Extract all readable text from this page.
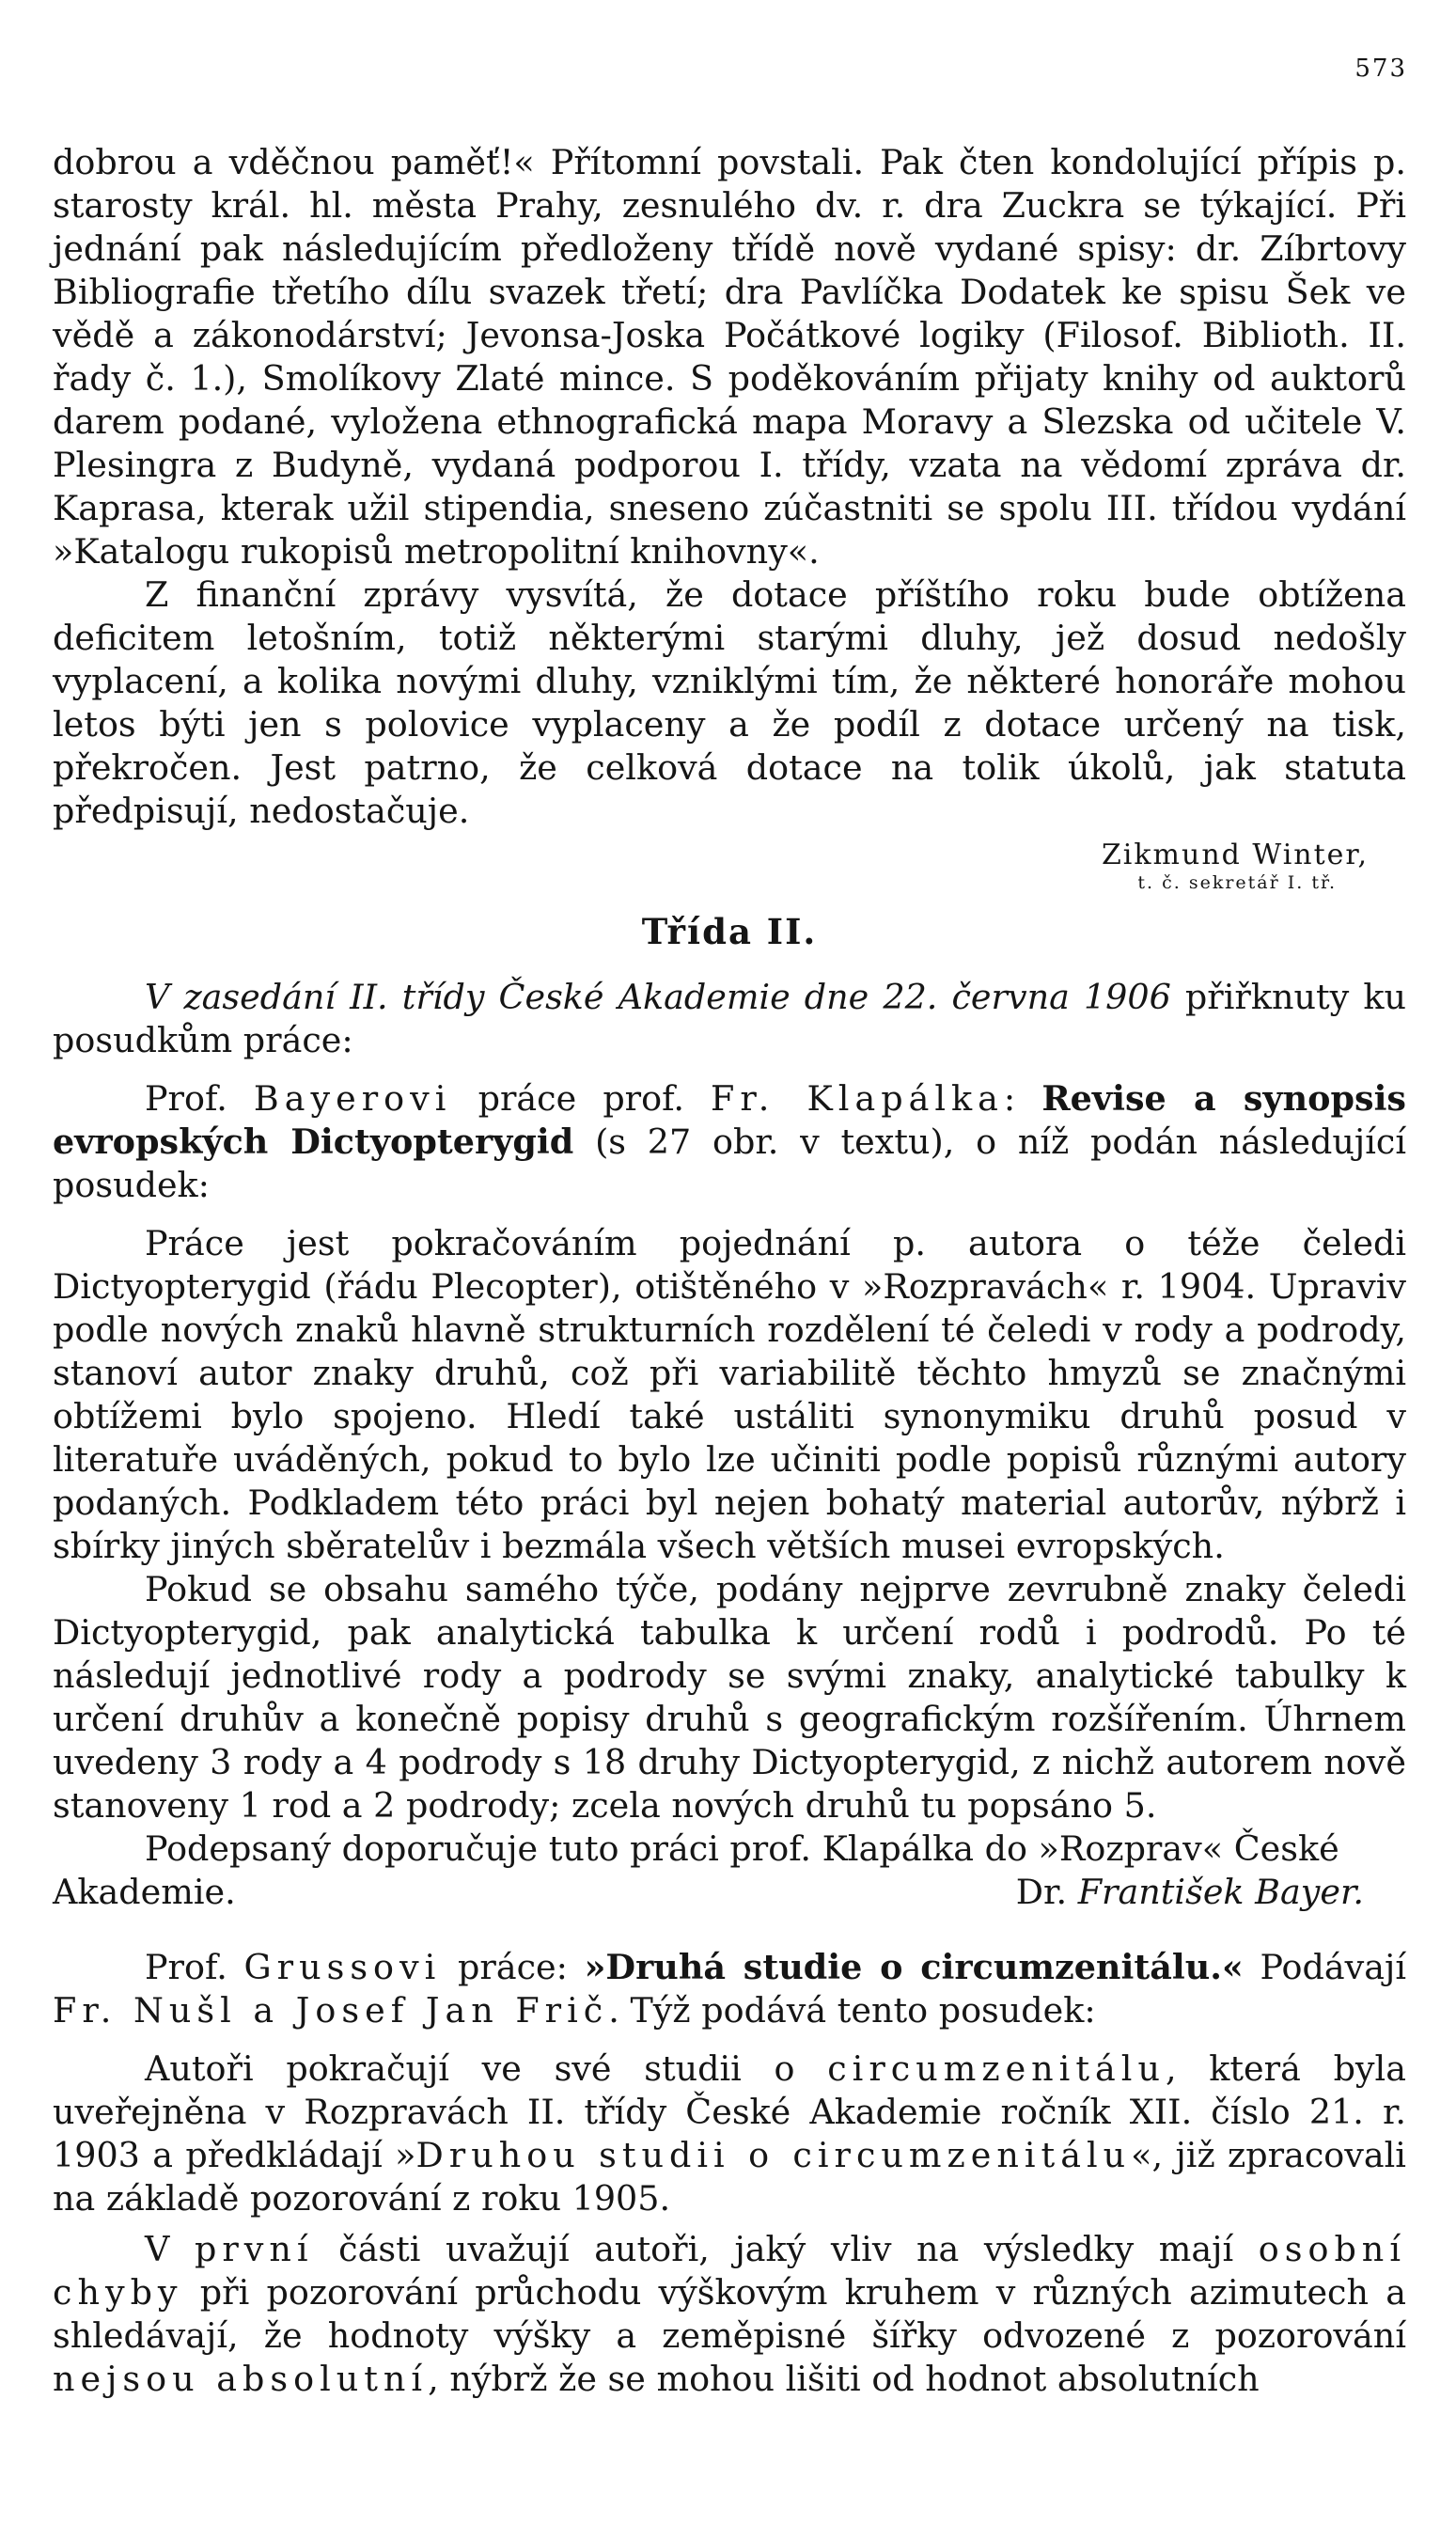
573

dobrou a vděčnou paměť!« Přítomní povstali. Pak čten kondolující přípis p. starosty král. hl. města Prahy, zesnulého dv. r. dra Zuckra se týkající. Při jednání pak následujícím předloženy třídě nově vydané spisy: dr. Zíbrtovy Bibliografie třetího dílu svazek třetí; dra Pavlíčka Dodatek ke spisu Šek ve vědě a zákonodárství; Jevonsa-Joska Počátkové logiky (Filosof. Biblioth. II. řady č. 1.), Smolíkovy Zlaté mince. S poděkováním přijaty knihy od auktorů darem podané, vyložena ethnografická mapa Moravy a Slezska od učitele V. Plesingra z Budyně, vydaná podporou I. třídy, vzata na vědomí zpráva dr. Kaprasa, kterak užil stipendia, sneseno zúčastniti se spolu III. třídou vydání »Katalogu rukopisů metropolitní knihovny«.

Z finanční zprávy vysvítá, že dotace příštího roku bude obtížena deficitem letošním, totiž některými starými dluhy, jež dosud nedošly vyplacení, a kolika novými dluhy, vzniklými tím, že některé honoráře mohou letos býti jen s polovice vyplaceny a že podíl z dotace určený na tisk, překročen. Jest patrno, že celková dotace na tolik úkolů, jak statuta předpisují, nedostačuje.

Zikmund Winter,
t. č. sekretář I. tř.

Třída II.

V zasedání II. třídy České Akademie dne 22. června 1906 přiřknuty ku posudkům práce:

Prof. Bayerovi práce prof. Fr. Klapálka: Revise a synopsis evropských Dictyopterygid (s 27 obr. v textu), o níž podán následující posudek:

Práce jest pokračováním pojednání p. autora o téže čeledi Dictyopterygid (řádu Plecopter), otištěného v »Rozpravách« r. 1904. Upraviv podle nových znaků hlavně strukturních rozdělení té čeledi v rody a podrody, stanoví autor znaky druhů, což při variabilitě těchto hmyzů se značnými obtížemi bylo spojeno. Hledí také ustáliti synonymiku druhů posud v literatuře uváděných, pokud to bylo lze učiniti podle popisů různými autory podaných. Podkladem této práci byl nejen bohatý material autorův, nýbrž i sbírky jiných sběratelův i bezmála všech větších musei evropských.

Pokud se obsahu samého týče, podány nejprve zevrubně znaky čeledi Dictyopterygid, pak analytická tabulka k určení rodů i podrodů. Po té následují jednotlivé rody a podrody se svými znaky, analytické tabulky k určení druhův a konečně popisy druhů s geografickým rozšířením. Úhrnem uvedeny 3 rody a 4 podrody s 18 druhy Dictyopterygid, z nichž autorem nově stanoveny 1 rod a 2 podrody; zcela nových druhů tu popsáno 5.

Podepsaný doporučuje tuto práci prof. Klapálka do »Rozprav« České

Akademie.	Dr. František Bayer.

Prof. Grussovi práce: »Druhá studie o circumzenitálu.« Podávají Fr. Nušl a Josef Jan Frič. Týž podává tento posudek:

Autoři pokračují ve své studii o circumzenitálu, která byla uveřejněna v Rozpravách II. třídy České Akademie ročník XII. číslo 21. r. 1903 a předkládají »Druhou studii o circumzenitálu«, již zpracovali na základě pozorování z roku 1905.

V první části uvažují autoři, jaký vliv na výsledky mají osobní chyby při pozorování průchodu výškovým kruhem v různých azimutech a shledávají, že hodnoty výšky a zeměpisné šířky odvozené z pozorování nejsou absolutní, nýbrž že se mohou lišiti od hodnot absolutních
